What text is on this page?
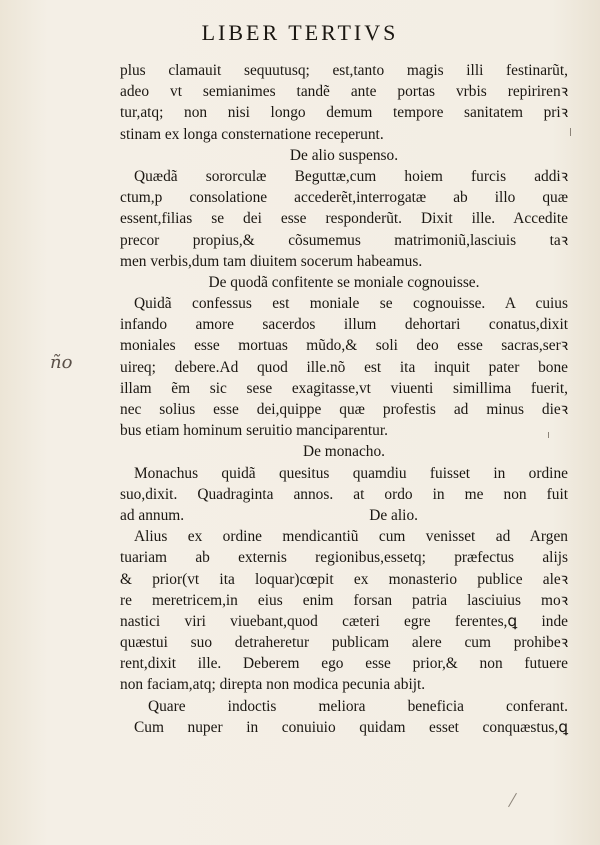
LIBER TERTIVS
ño
plus clamauit sequutusq; est,tanto magis illi festinarũt,
adeo vt semianimes tandẽ ante portas vrbis repirirenꝛ
tur,atq; non nisi longo demum tempore sanitatem priꝛ
stinam ex longa consternatione receperunt.
De alio suspenso.
Quædã sororculæ Beguttæ,cum hoiem furcis addiꝛ
ctum,p consolatione accederẽt,interrogatæ ab illo quæ
essent,filias se dei esse responderũt. Dixit ille. Accedite
precor propius,& cõsumemus matrimoniũ,lasciuis taꝛ
men verbis,dum tam diuitem socerum habeamus.
De quodã confitente se moniale cognouisse.
Quidã confessus est moniale se cognouisse. A cuius
infando amore sacerdos illum dehortari conatus,dixit
moniales esse mortuas mũdo,& soli deo esse sacras,serꝛ
uireq; debere.Ad quod ille.nõ est ita inquit pater bone
illam ẽm sic sese exagitasse,vt viuenti simillima fuerit,
nec solius esse dei,quippe quæ profestis ad minus dieꝛ
bus etiam hominum seruitio manciparentur.
De monacho.
Monachus quidã quesitus quamdiu fuisset in ordine
suo,dixit. Quadraginta annos. at ordo in me non fuit
ad annum.	De alio.
Alius ex ordine mendicantiũ cum venisset ad Argen
tuariam ab externis regionibus,essetq; præfectus alijs
& prior(vt ita loquar)cœpit ex monasterio publice aleꝛ
re meretricem,in eius enim forsan patria lasciuius moꝛ
nastici viri viuebant,quod cæteri egre ferentes,ꝗ inde
quæstui suo detraheretur publicam alere cum prohibeꝛ
rent,dixit ille. Deberem ego esse prior,& non futuere
non faciam,atq; direpta non modica pecunia abijt.
Quare indoctis meliora beneficia conferant.
Cum nuper in conuiuio quidam esset conquæstus,ꝗ
